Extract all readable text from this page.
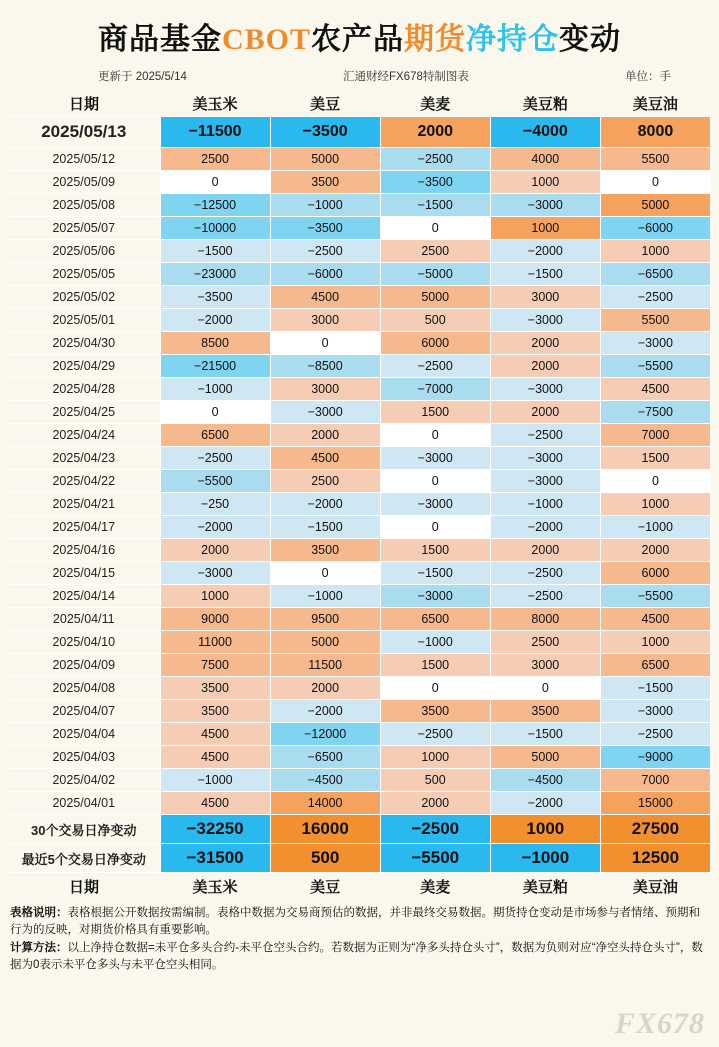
商品基金CBOT农产品期货净持仓变动
更新于 2025/5/14	汇通财经FX678特制图表	单位：手
日期	美玉米	美豆	美麦	美豆粕	美豆油
2025/05/13	−11500	−3500	2000	−4000	8000
2025/05/12	2500	5000	−2500	4000	5500
2025/05/09	0	3500	−3500	1000	0
2025/05/08	−12500	−1000	−1500	−3000	5000
2025/05/07	−10000	−3500	0	1000	−6000
2025/05/06	−1500	−2500	2500	−2000	1000
2025/05/05	−23000	−6000	−5000	−1500	−6500
2025/05/02	−3500	4500	5000	3000	−2500
2025/05/01	−2000	3000	500	−3000	5500
2025/04/30	8500	0	6000	2000	−3000
2025/04/29	−21500	−8500	−2500	2000	−5500
2025/04/28	−1000	3000	−7000	−3000	4500
2025/04/25	0	−3000	1500	2000	−7500
2025/04/24	6500	2000	0	−2500	7000
2025/04/23	−2500	4500	−3000	−3000	1500
2025/04/22	−5500	2500	0	−3000	0
2025/04/21	−250	−2000	−3000	−1000	1000
2025/04/17	−2000	−1500	0	−2000	−1000
2025/04/16	2000	3500	1500	2000	2000
2025/04/15	−3000	0	−1500	−2500	6000
2025/04/14	1000	−1000	−3000	−2500	−5500
2025/04/11	9000	9500	6500	8000	4500
2025/04/10	11000	5000	−1000	2500	1000
2025/04/09	7500	11500	1500	3000	6500
2025/04/08	3500	2000	0	0	−1500
2025/04/07	3500	−2000	3500	3500	−3000
2025/04/04	4500	−12000	−2500	−1500	−2500
2025/04/03	4500	−6500	1000	5000	−9000
2025/04/02	−1000	−4500	500	−4500	7000
2025/04/01	4500	14000	2000	−2000	15000
30个交易日净变动	−32250	16000	−2500	1000	27500
最近5个交易日净变动	−31500	500	−5500	−1000	12500
日期	美玉米	美豆	美麦	美豆粕	美豆油
表格说明：表格根据公开数据按需编制。表格中数据为交易商预估的数据，并非最终交易数据。期货持仓变动是市场参与者情绪、预期和行为的反映，对期货价格具有重要影响。
计算方法：以上净持仓数据=未平仓多头合约-未平仓空头合约。若数据为正则为“净多头持仓头寸”，数据为负则对应“净空头持仓头寸”，数据为0表示未平仓多头与未平仓空头相同。
FX678
